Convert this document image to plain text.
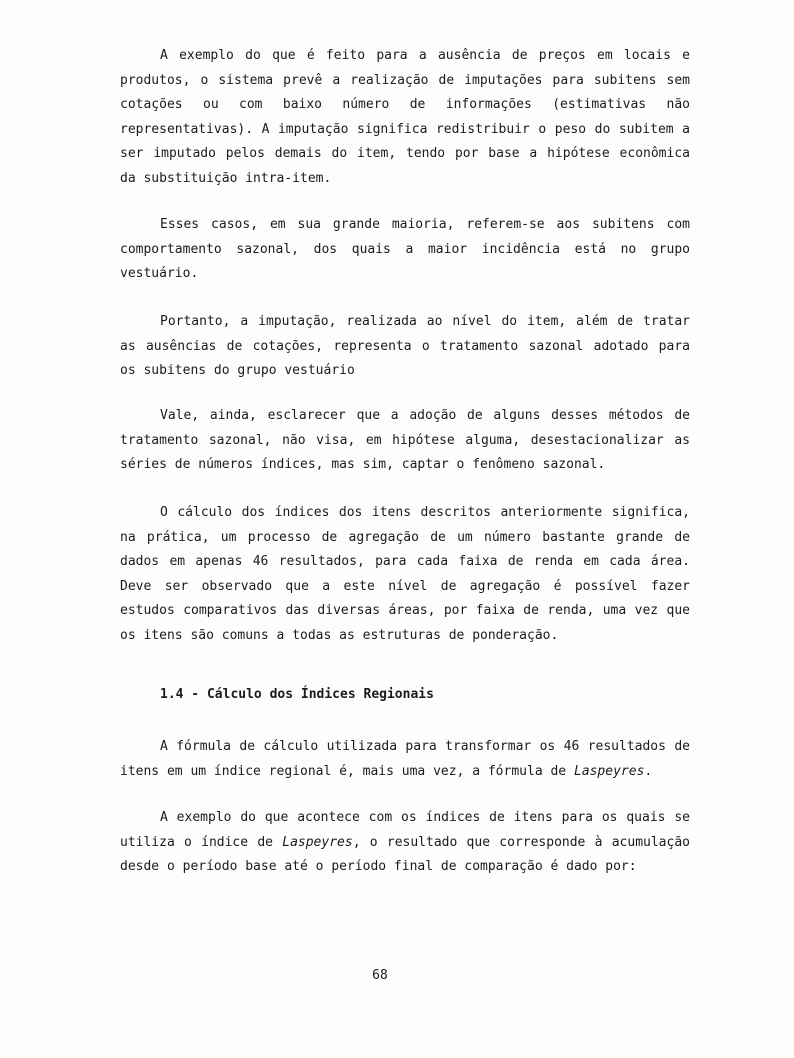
A exemplo do que é feito para a ausência de preços em locais e produtos, o sistema prevê a realização de imputações para subitens sem cotações ou com baixo número de informações (estimativas não representativas). A imputação significa redistribuir o peso do subitem a ser imputado pelos demais do item, tendo por base a hipótese econômica da substituição intra-item.

Esses casos, em sua grande maioria, referem-se aos subitens com comportamento sazonal, dos quais a maior incidência está no grupo vestuário.

Portanto, a imputação, realizada ao nível do item, além de tratar as ausências de cotações, representa o tratamento sazonal adotado para os subitens do grupo vestuário

Vale, ainda, esclarecer que a adoção de alguns desses métodos de tratamento sazonal, não visa, em hipótese alguma, desestacionalizar as séries de números índices, mas sim, captar o fenômeno sazonal.

O cálculo dos índices dos itens descritos anteriormente significa, na prática, um processo de agregação de um número bastante grande de dados em apenas 46 resultados, para cada faixa de renda em cada área. Deve ser observado que a este nível de agregação é possível fazer estudos comparativos das diversas áreas, por faixa de renda, uma vez que os itens são comuns a todas as estruturas de ponderação.

1.4 - Cálculo dos Índices Regionais

A fórmula de cálculo utilizada para transformar os 46 resultados de itens em um índice regional é, mais uma vez, a fórmula de Laspeyres.

A exemplo do que acontece com os índices de itens para os quais se utiliza o índice de Laspeyres, o resultado que corresponde à acumulação desde o período base até o período final de comparação é dado por:

68
